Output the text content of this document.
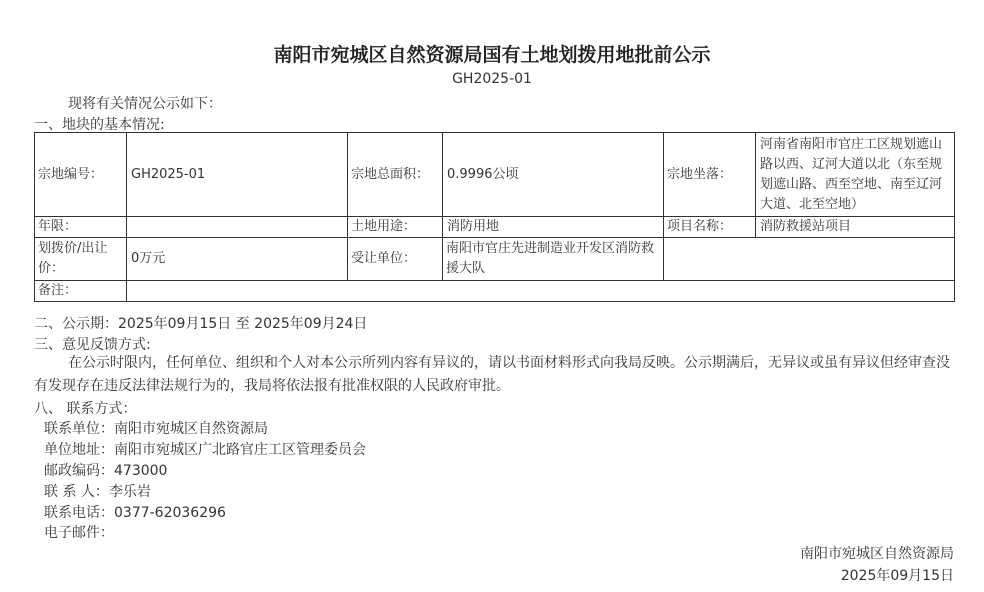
南阳市宛城区自然资源局国有土地划拨用地批前公示
GH2025-01
现将有关情况公示如下：
一、地块的基本情况:
宗地编号：	GH2025-01	宗地总面积：	0.9996公顷	宗地坐落：	河南省南阳市官庄工区规划遮山路以西、辽河大道以北（东至规划遮山路、西至空地、南至辽河大道、北至空地）
年限：		土地用途：	消防用地	项目名称：	消防救援站项目
划拨价/出让价：	0万元	受让单位：	南阳市官庄先进制造业开发区消防救援大队		
备注：					
二、公示期：2025年09月15日 至 2025年09月24日
三、意见反馈方式:
在公示时限内，任何单位、组织和个人对本公示所列内容有异议的，请以书面材料形式向我局反映。公示期满后，无异议或虽有异议但经审查没有发现存在违反法律法规行为的，我局将依法报有批准权限的人民政府审批。
八、 联系方式：
联系单位：南阳市宛城区自然资源局
单位地址：南阳市宛城区广北路官庄工区管理委员会
邮政编码：473000
联 系 人：李乐岩
联系电话：0377-62036296
电子邮件：
南阳市宛城区自然资源局
2025年09月15日
